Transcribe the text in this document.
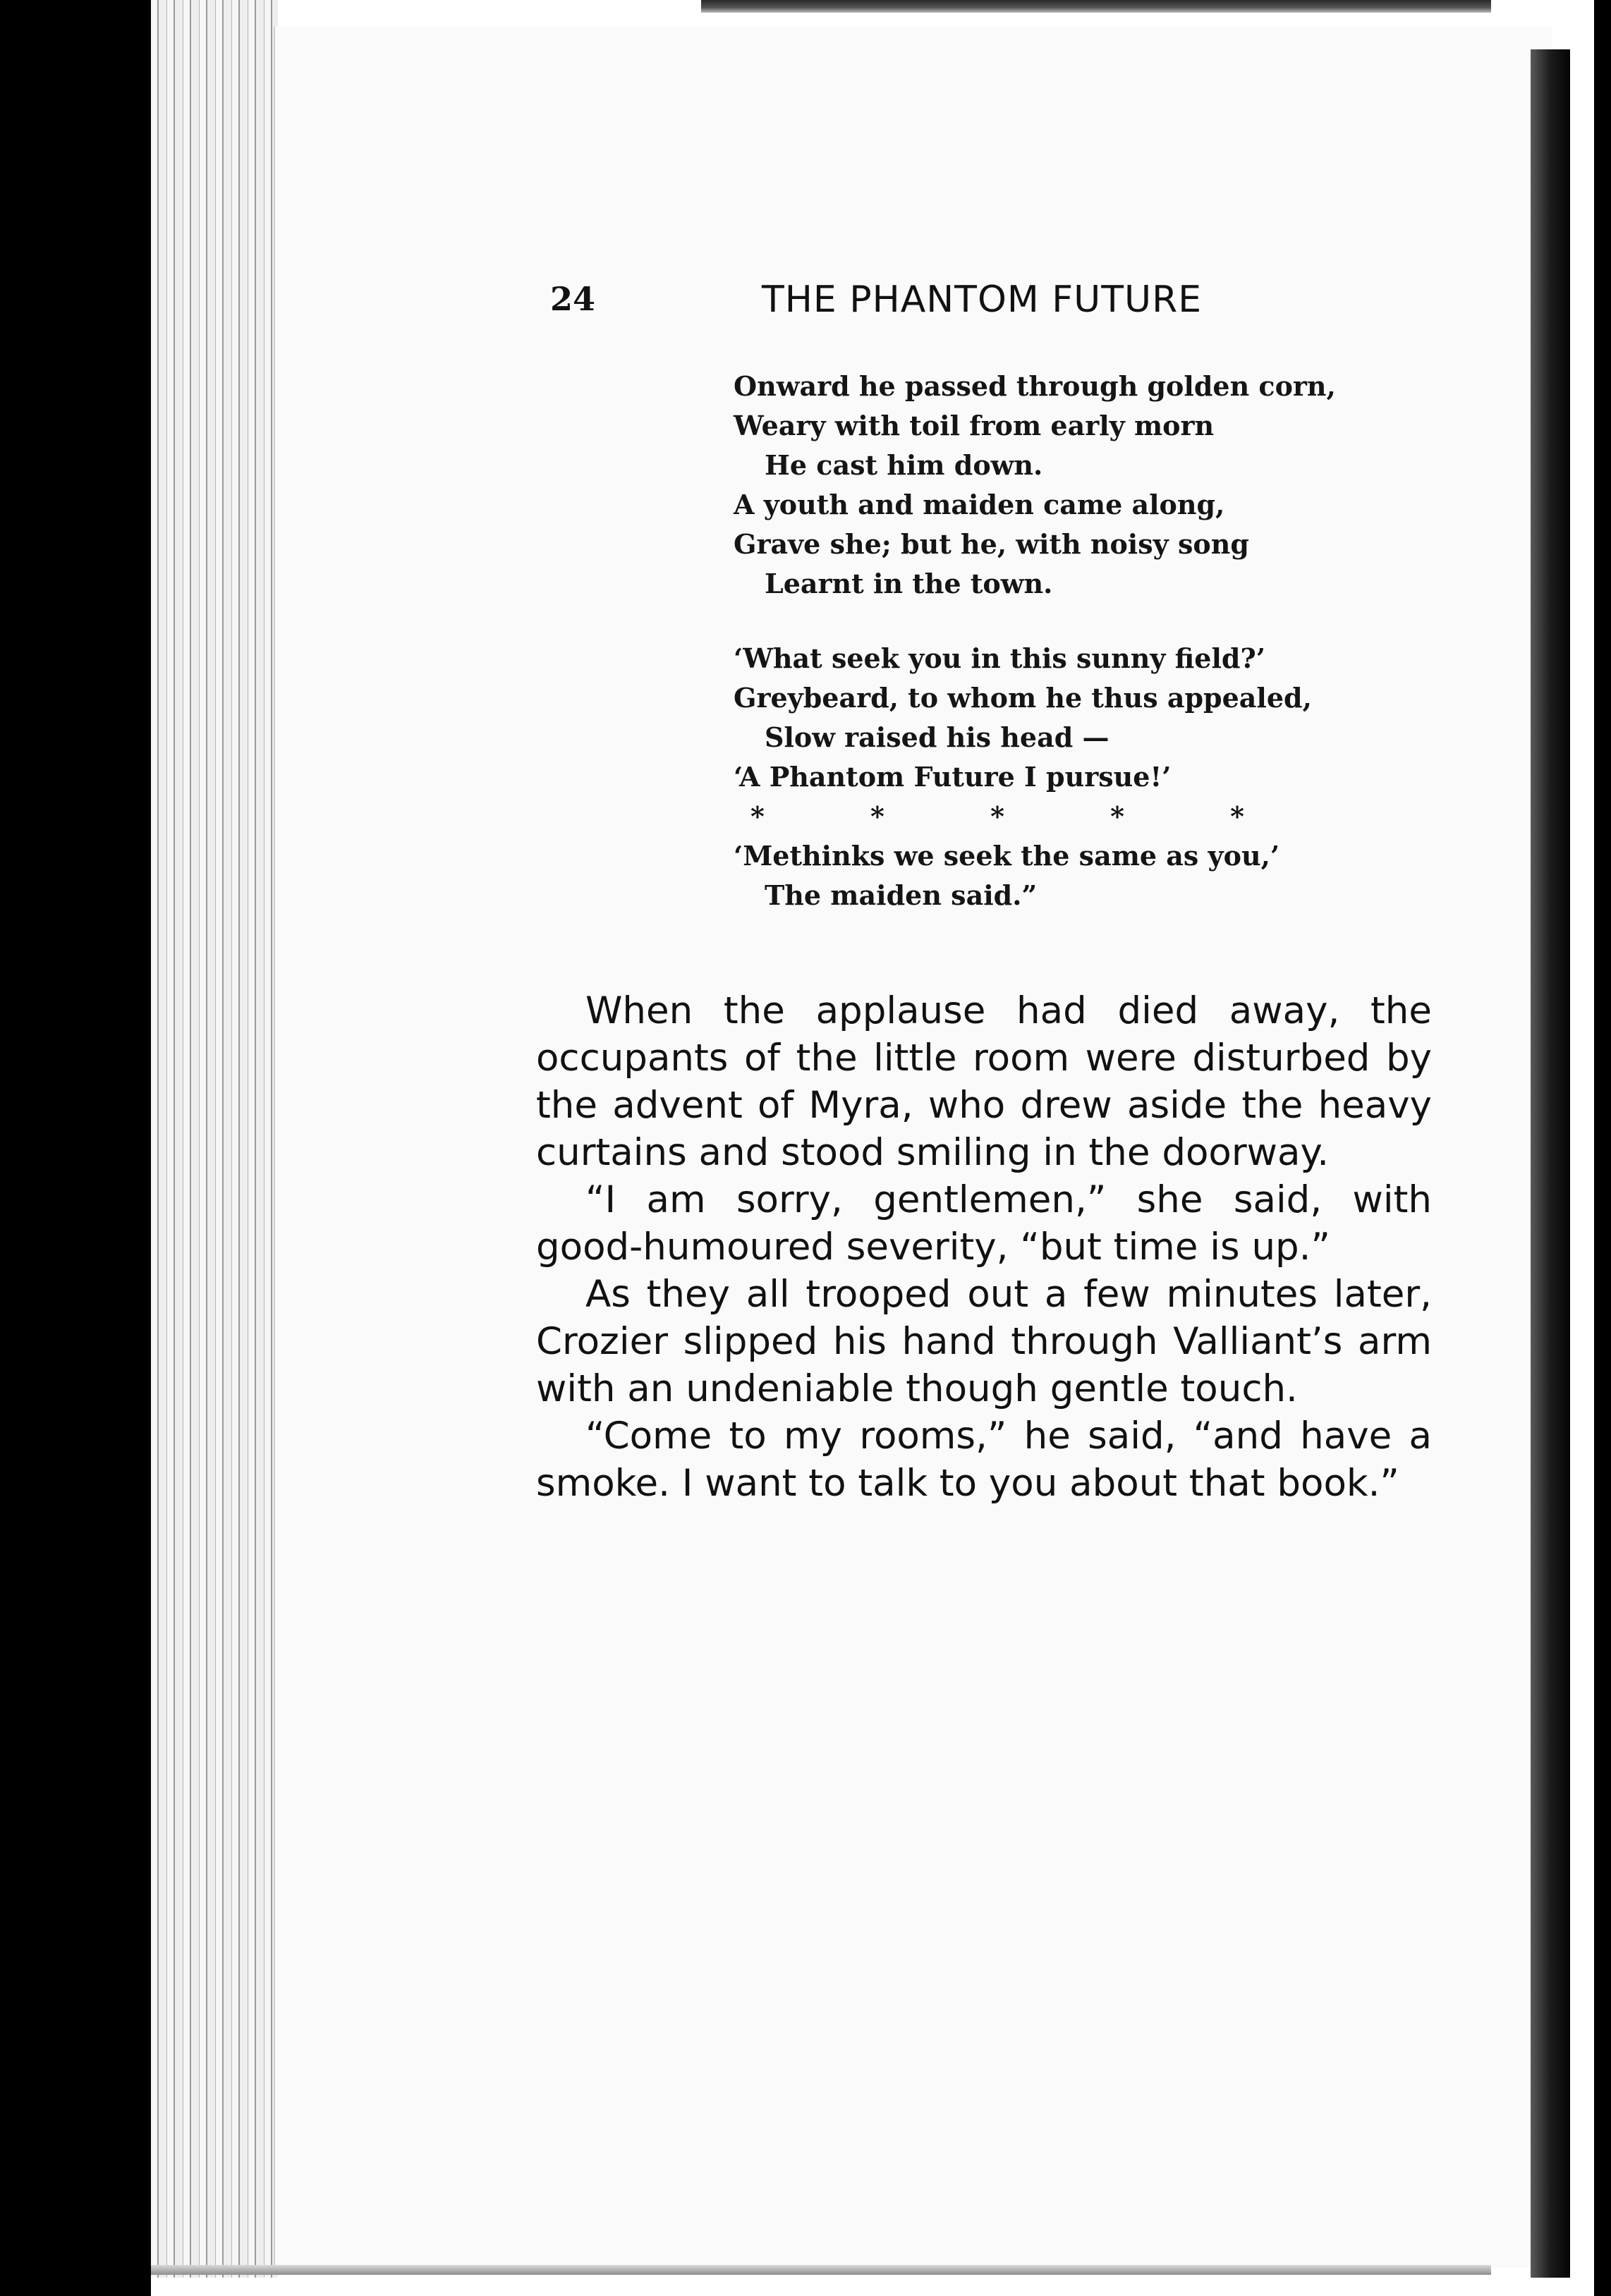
24	THE PHANTOM FUTURE
Onward he passed through golden corn,
Weary with toil from early morn
He cast him down.
A youth and maiden came along,
Grave she; but he, with noisy song
Learnt in the town.
‘What seek you in this sunny field?’
Greybeard, to whom he thus appealed,
Slow raised his head —
‘A Phantom Future I pursue!’
*	*	*	*	*
‘Methinks we seek the same as you,’
The maiden said.”

When the applause had died away, the occupants of the little room were disturbed by the advent of Myra, who drew aside the heavy curtains and stood smiling in the doorway.

“I am sorry, gentlemen,” she said, with good-humoured severity, “but time is up.”

As they all trooped out a few minutes later, Crozier slipped his hand through Valliant’s arm with an undeniable though gentle touch.

“Come to my rooms,” he said, “and have a smoke. I want to talk to you about that book.”
